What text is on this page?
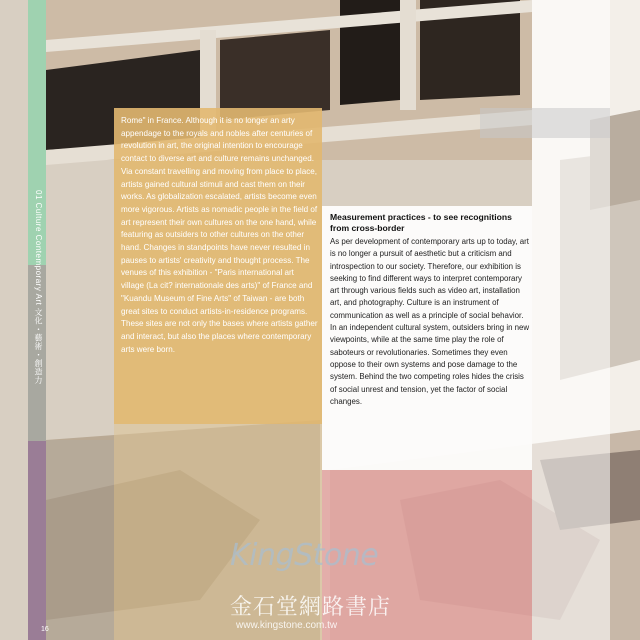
01 Culture Contemporary Art 文化・藝術・創造力
Rome" in France. Although it is no longer an arty appendage to the royals and nobles after centuries of revolution in art, the original intention to encourage contact to diverse art and culture remains unchanged. Via constant travelling and moving from place to place, artists gained cultural stimuli and cast them on their works. As globalization escalated, artists become even more vigorous. Artists as nomadic people in the field of art represent their own cultures on the one hand, while featuring as outsiders to other cultures on the other hand. Changes in standpoints have never resulted in pauses to artists' creativity and thought process. The venues of this exhibition - "Paris international art village (La cit? internationale des arts)" of France and "Kuandu Museum of Fine Arts" of Taiwan - are both great sites to conduct artists-in-residence programs. These sites are not only the bases where artists gather and interact, but also the places where contemporary arts were born.

Measurement practices - to see recognitions from cross-border

As per development of contemporary arts up to today, art is no longer a pursuit of aesthetic but a criticism and introspection to our society. Therefore, our exhibition is seeking to find different ways to interpret contemporary art through various fields such as video art, installation art, and photography. Culture is an instrument of communication as well as a principle of social behavior. In an independent cultural system, outsiders bring in new viewpoints, while at the same time play the role of saboteurs or revolutionaries. Sometimes they even oppose to their own systems and pose damage to the system. Behind the two competing roles hides the crisis of social unrest and tension, yet the factor of social changes.

KingStone
金石堂網路書店
www.kingstone.com.tw
16
